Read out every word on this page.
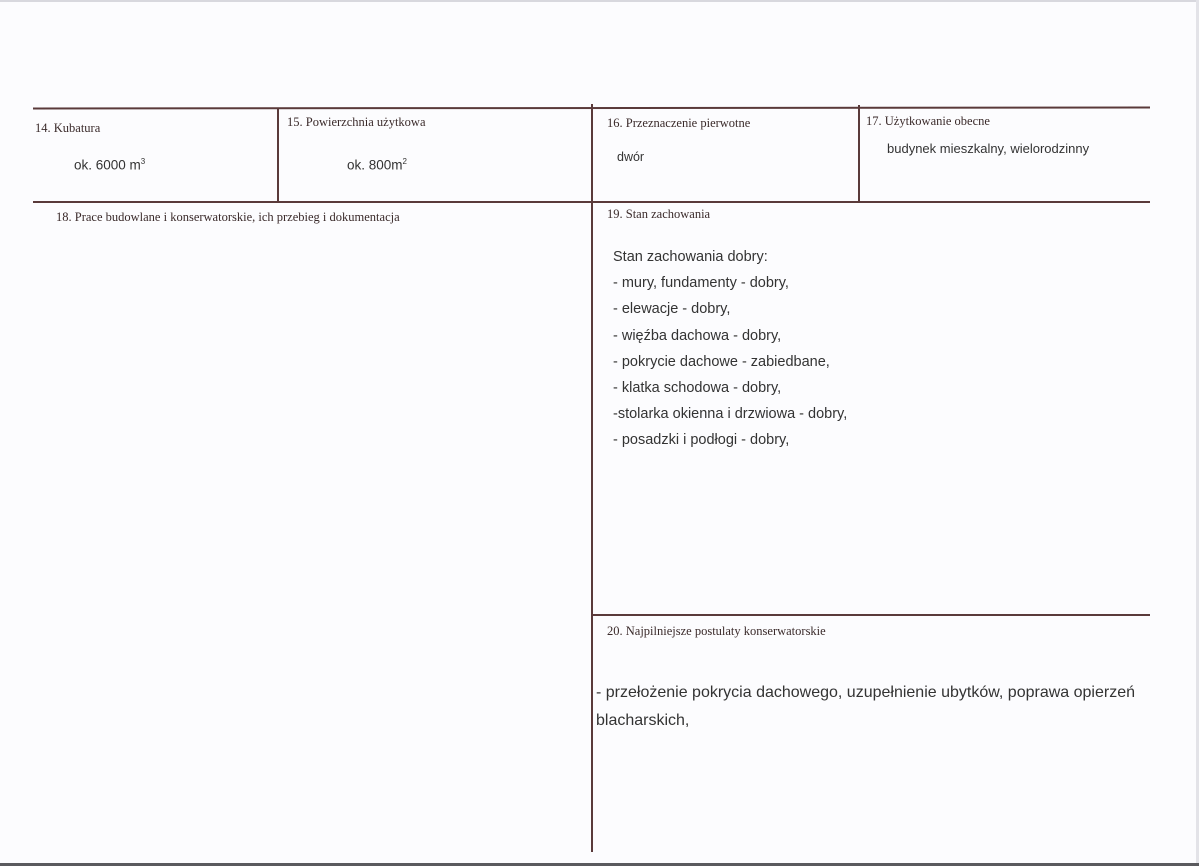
14. Kubatura
ok. 6000 $m^3$
15. Powierzchnia użytkowa
ok. $800m^2$
16. Przeznaczenie pierwotne
dwór
17. Użytkowanie obecne
budynek mieszkalny, wielorodzinny
18. Prace budowlane i konserwatorskie, ich przebieg i dokumentacja	19. Stan zachowania
Stan zachowania dobry:
- mury, fundamenty - dobry,
- elewacje - dobry,
- więźba dachowa - dobry,
- pokrycie dachowe - zabiedbane,
- klatka schodowa - dobry,
-stolarka okienna i drzwiowa - dobry,
- posadzki i podłogi - dobry,
20. Najpilniejsze postulaty konserwatorskie
- przełożenie pokrycia dachowego, uzupełnienie ubytków, poprawa opierzeń blacharskich,
